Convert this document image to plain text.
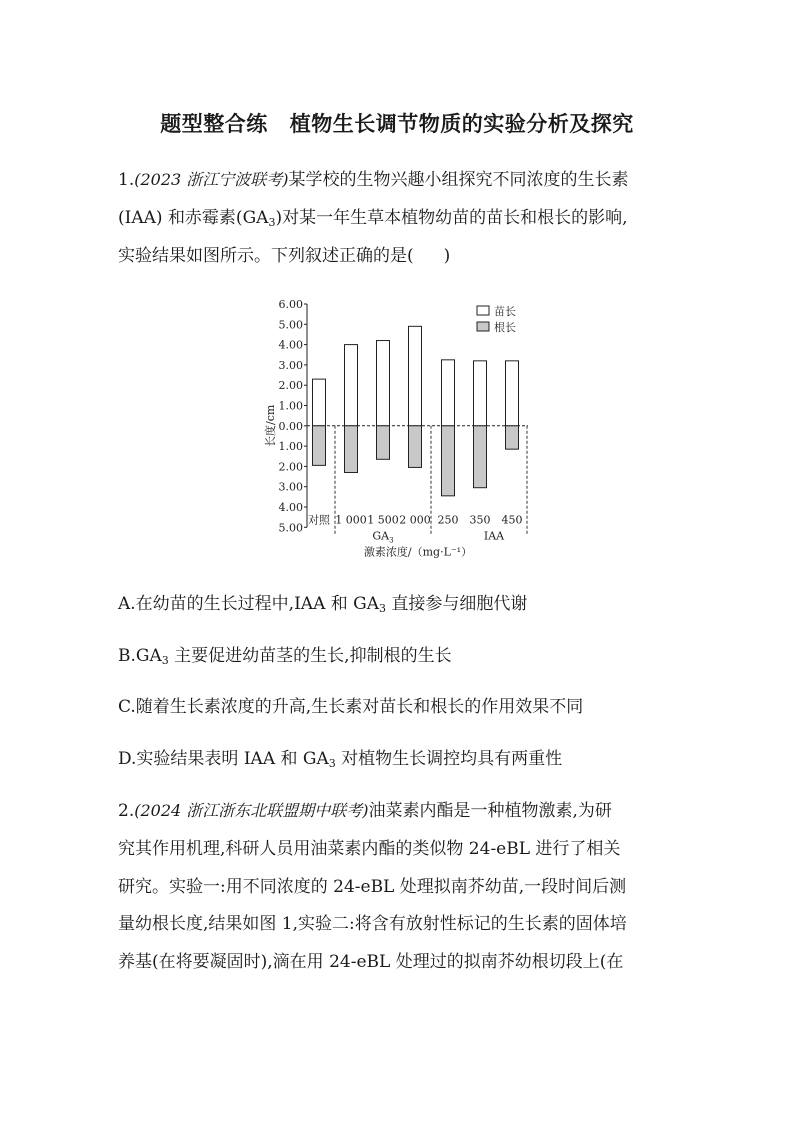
题型整合练 植物生长调节物质的实验分析及探究
1.(2023 浙江宁波联考)某学校的生物兴趣小组探究不同浓度的生长素
(IAA) 和赤霉素$(GA_3)$对某一年生草本植物幼苗的苗长和根长的影响,
实验结果如图所示。下列叙述正确的是( )
6.00
5.00
4.00
3.00
2.00
1.00
0.00
1.00
2.00
3.00
4.00
5.00
长度/cm
对照 1 000 1 500 2 000 250 350 450
$GA_3$	IAA
激素浓度/（mg·L⁻¹）
苗长
根长
A.在幼苗的生长过程中,IAA 和 $GA_3$ 直接参与细胞代谢
$B.GA_3$ 主要促进幼苗茎的生长,抑制根的生长
C.随着生长素浓度的升高,生长素对苗长和根长的作用效果不同
D.实验结果表明 IAA 和 $GA_3$ 对植物生长调控均具有两重性
2.(2024 浙江浙东北联盟期中联考)油菜素内酯是一种植物激素,为研
究其作用机理,科研人员用油菜素内酯的类似物 24-eBL 进行了相关
研究。实验一:用不同浓度的 24-eBL 处理拟南芥幼苗,一段时间后测
量幼根长度,结果如图 1,实验二:将含有放射性标记的生长素的固体培
养基(在将要凝固时),滴在用 24-eBL 处理过的拟南芥幼根切段上(在
